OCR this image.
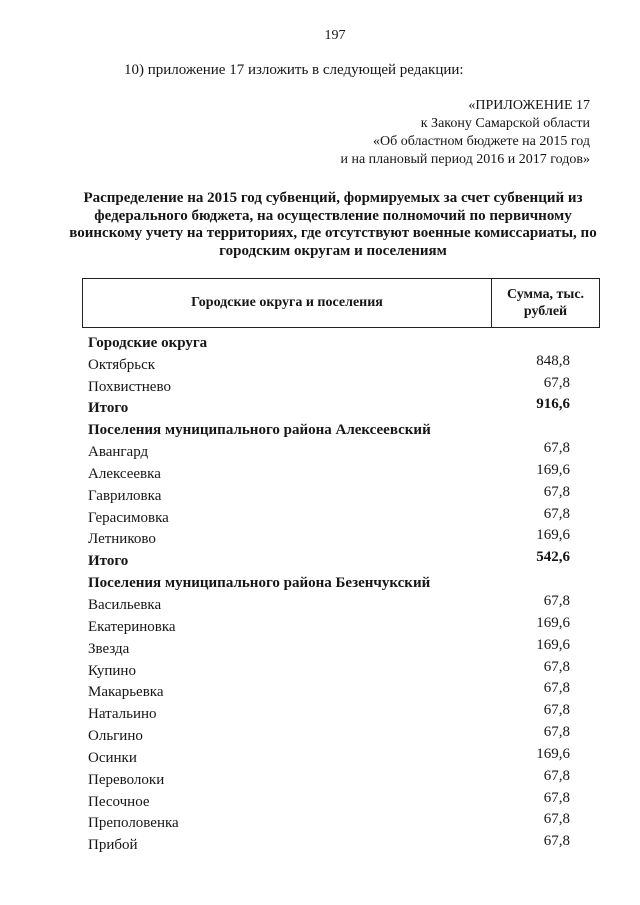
197
10) приложение 17 изложить в следующей редакции:
«ПРИЛОЖЕНИЕ 17
к Закону Самарской области
«Об областном бюджете на 2015 год
и на плановый период 2016 и 2017 годов»
Распределение на 2015 год субвенций, формируемых за счет субвенций из федерального бюджета, на осуществление полномочий по первичному воинскому учету на территориях, где отсутствуют военные комиссариаты, по городским округам и поселениям
Городские округа и поселения
Сумма, тыс.
рублей
Городские округа
Октябрьск	848,8
Похвистнево	67,8
Итого	916,6
Поселения муниципального района Алексеевский
Авангард	67,8
Алексеевка	169,6
Гавриловка	67,8
Герасимовка	67,8
Летниково	169,6
Итого	542,6
Поселения муниципального района Безенчукский
Васильевка	67,8
Екатериновка	169,6
Звезда	169,6
Купино	67,8
Макарьевка	67,8
Натальино	67,8
Ольгино	67,8
Осинки	169,6
Переволоки	67,8
Песочное	67,8
Преполовенка	67,8
Прибой	67,8
